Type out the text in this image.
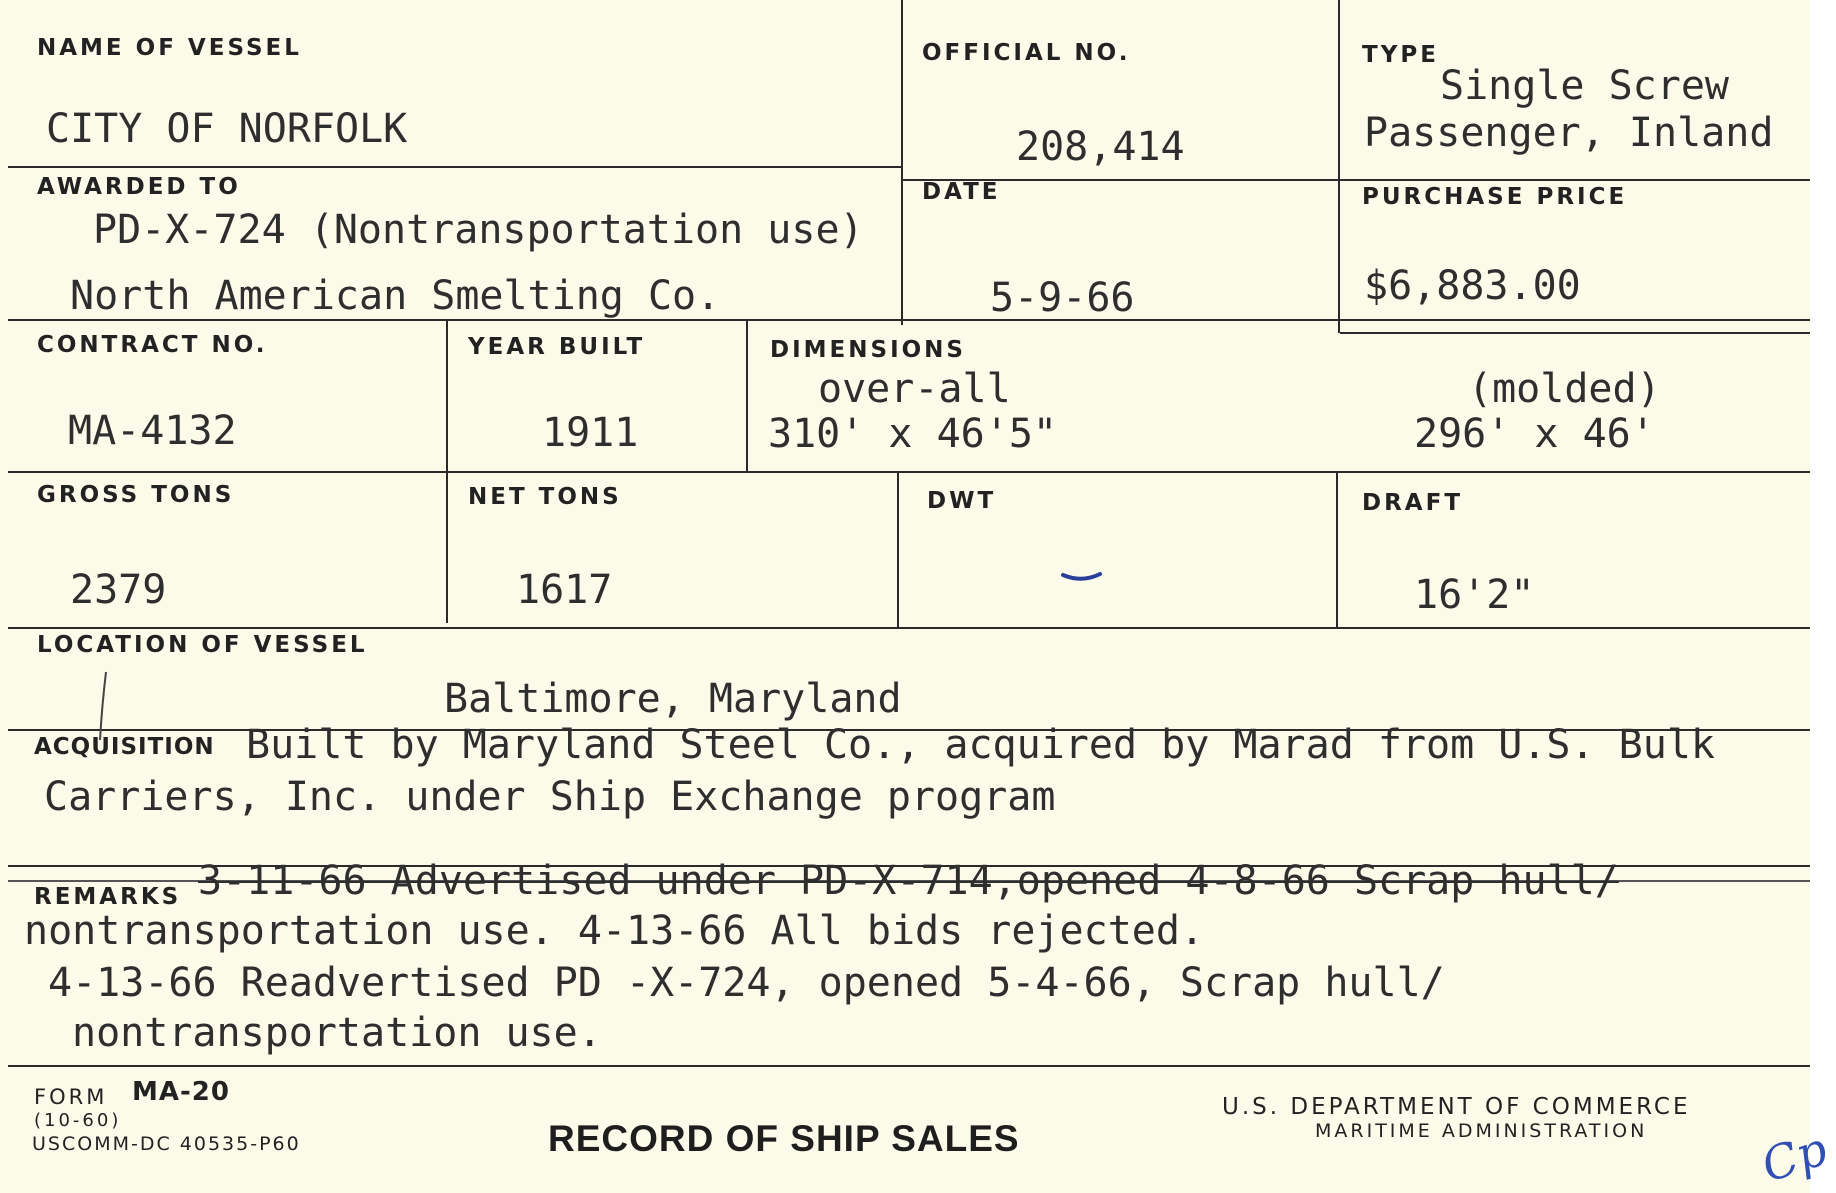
NAME OF VESSEL
CITY OF NORFOLK
OFFICIAL NO.
208,414
TYPE
Single Screw
Passenger, Inland
AWARDED TO
PD-X-724 (Nontransportation use)
North American Smelting Co.
DATE
5-9-66
PURCHASE PRICE
$6,883.00
CONTRACT NO.
MA-4132
YEAR BUILT
1911
DIMENSIONS
over-all
310' x 46'5"
(molded)
296' x 46'
GROSS TONS
2379
NET TONS
1617
DWT	DRAFT
16'2"
LOCATION OF VESSEL
Baltimore, Maryland
ACQUISITION Built by Maryland Steel Co., acquired by Marad from U.S. Bulk
Carriers, Inc. under Ship Exchange program
REMARKS 3-11-66 Advertised under PD-X-714,opened 4-8-66 Scrap hull/
nontransportation use. 4-13-66 All bids rejected.
4-13-66 Readvertised PD -X-724, opened 5-4-66, Scrap hull/
nontransportation use.
FORM MA-20
(10-60)
USCOMM-DC 40535-P60	RECORD OF SHIP SALES
U.S. DEPARTMENT OF COMMERCE
MARITIME ADMINISTRATION Cp
